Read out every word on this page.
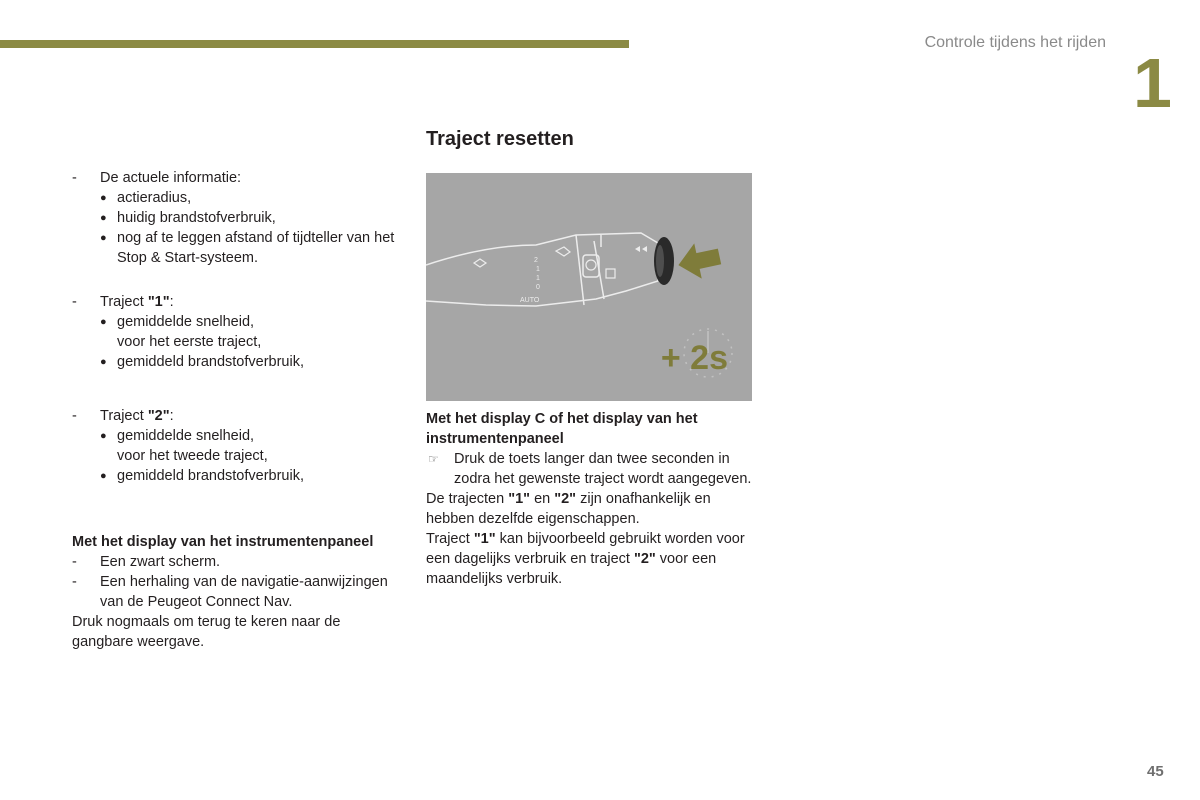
Controle tijdens het rijden
1
- De actuele informatie:
● actieradius,
● huidig brandstofverbruik,
● nog af te leggen afstand of tijdteller van het Stop & Start-systeem.
- Traject "1":
● gemiddelde snelheid,
voor het eerste traject,
● gemiddeld brandstofverbruik,
- Traject "2":
● gemiddelde snelheid,
voor het tweede traject,
● gemiddeld brandstofverbruik,
Met het display van het instrumentenpaneel
- Een zwart scherm.
- Een herhaling van de navigatie-aanwijzingen van de Peugeot Connect Nav.
Druk nogmaals om terug te keren naar de gangbare weergave.
Traject resetten
2
1
1
0
AUTO
+ 2s
Met het display C of het display van het instrumentenpaneel
☞ Druk de toets langer dan twee seconden in zodra het gewenste traject wordt aangegeven.
De trajecten "1" en "2" zijn onafhankelijk en hebben dezelfde eigenschappen.
Traject "1" kan bijvoorbeeld gebruikt worden voor een dagelijks verbruik en traject "2" voor een maandelijks verbruik.
45
